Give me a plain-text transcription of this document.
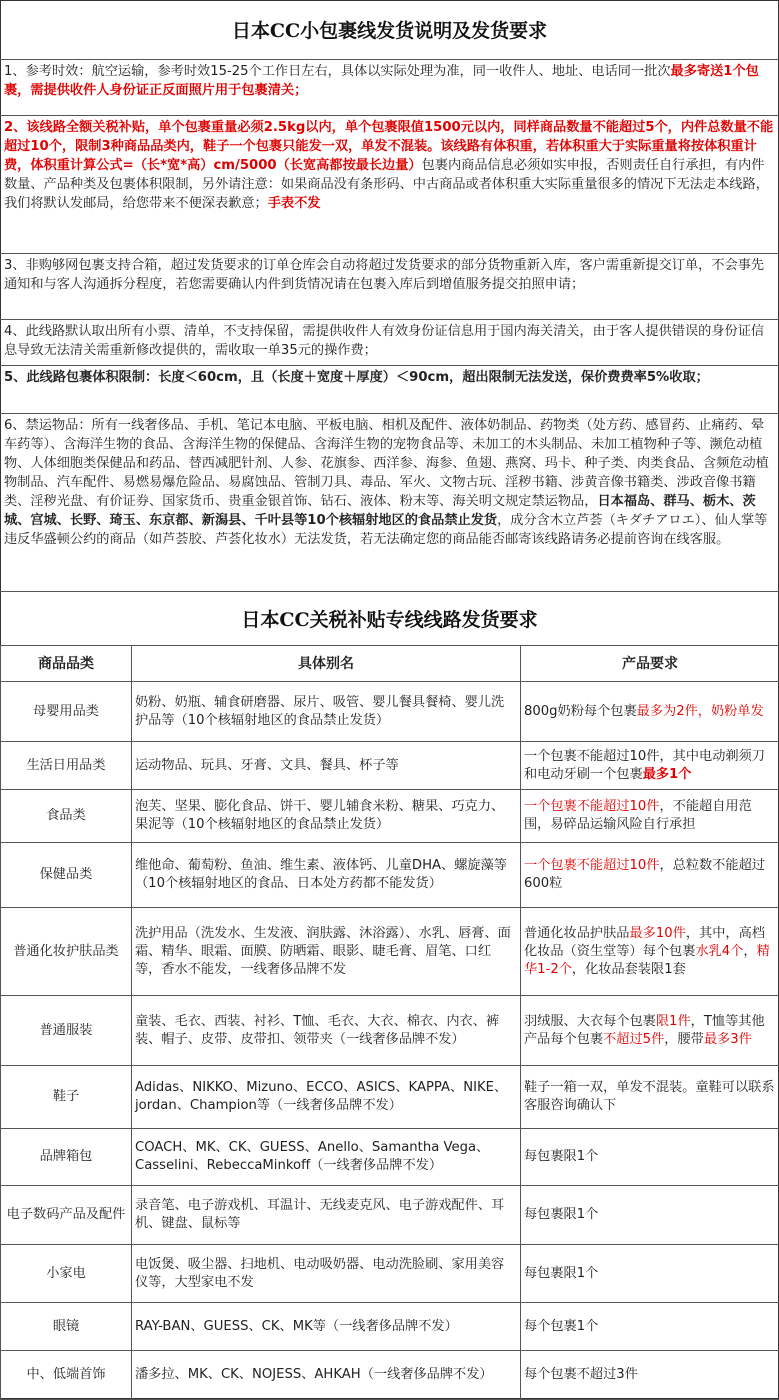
日本CC小包裹线发货说明及发货要求
1、参考时效：航空运输，参考时效15-25个工作日左右，具体以实际处理为准，同一收件人、地址、电话同一批次最多寄送1个包裹，需提供收件人身份证正反面照片用于包裹清关；
2、该线路全额关税补贴，单个包裹重量必须2.5kg以内，单个包裹限值1500元以内，同样商品数量不能超过5个，内件总数量不能超过10个，限制3种商品品类内，鞋子一个包裹只能发一双，单发不混装。该线路有体积重，若体积重大于实际重量将按体积重计费，体积重计算公式=（长*宽*高）cm/5000（长宽高都按最长边量）包裹内商品信息必须如实申报，否则责任自行承担，有内件数量、产品种类及包裹体积限制，另外请注意：如果商品没有条形码、中古商品或者体积重大实际重量很多的情况下无法走本线路，我们将默认发邮局，给您带来不便深表歉意；手表不发
3、非购够网包裹支持合箱，超过发货要求的订单仓库会自动将超过发货要求的部分货物重新入库，客户需重新提交订单，不会事先通知和与客人沟通拆分程度，若您需要确认内件到货情况请在包裹入库后到增值服务提交拍照申请；
4、此线路默认取出所有小票、清单，不支持保留，需提供收件人有效身份证信息用于国内海关清关，由于客人提供错误的身份证信息导致无法清关需重新修改提供的，需收取一单35元的操作费；
5、此线路包裹体积限制：长度＜60cm，且（长度＋宽度＋厚度）＜90cm，超出限制无法发送，保价费费率5%收取；
6、禁运物品：所有一线奢侈品、手机、笔记本电脑、平板电脑、相机及配件、液体奶制品、药物类（处方药、感冒药、止痛药、晕车药等）、含海洋生物的食品、含海洋生物的保健品、含海洋生物的宠物食品等、未加工的木头制品、未加工植物种子等、濒危动植物、人体细胞类保健品和药品、替西减肥针剂、人参、花旗参、西洋参、海参、鱼翅、燕窝、玛卡、种子类、肉类食品、含频危动植物制品、汽车配件、易燃易爆危险品、易腐蚀品、管制刀具、毒品、军火、文物古玩、淫秽书籍、涉黄音像书籍类、涉政音像书籍类、淫秽光盘、有价证券、国家货币、贵重金银首饰、钻石、液体、粉末等、海关明文规定禁运物品，日本福岛、群马、栃木、茨城、宫城、长野、琦玉、东京都、新潟县、千叶县等10个核辐射地区的食品禁止发货，成分含木立芦荟（キダチアロエ）、仙人掌等违反华盛顿公约的商品（如芦荟胶、芦荟化妆水）无法发货，若无法确定您的商品能否邮寄该线路请务必提前咨询在线客服。
日本CC关税补贴专线线路发货要求
商品品类	具体别名	产品要求
母婴用品类	奶粉、奶瓶、辅食研磨器、尿片、吸管、婴儿餐具餐椅、婴儿洗护品等（10个核辐射地区的食品禁止发货）	800g奶粉每个包裹最多为2件，奶粉单发
生活日用品类	运动物品、玩具、牙膏、文具、餐具、杯子等	一个包裹不能超过10件，其中电动剃须刀和电动牙刷一个包裹最多1个
食品类	泡芙、坚果、膨化食品、饼干、婴儿辅食米粉、糖果、巧克力、果泥等（10个核辐射地区的食品禁止发货）	一个包裹不能超过10件，不能超自用范围，易碎品运输风险自行承担
保健品类	维他命、葡萄粉、鱼油、维生素、液体钙、儿童DHA、螺旋藻等（10个核辐射地区的食品、日本处方药都不能发货）	一个包裹不能超过10件，总粒数不能超过600粒
普通化妆护肤品类	洗护用品（洗发水、生发液、润肤露、沐浴露）、水乳、唇膏、面霜、精华、眼霜、面膜、防晒霜、眼影、睫毛膏、眉笔、口红等，香水不能发，一线奢侈品牌不发	普通化妆品护肤品最多10件，其中，高档化妆品（资生堂等）每个包裹水乳4个，精华1-2个，化妆品套装限1套
普通服装	童装、毛衣、西装、衬衫、T恤、毛衣、大衣、棉衣、内衣、裤装、帽子、皮带、皮带扣、领带夹（一线奢侈品牌不发）	羽绒服、大衣每个包裹限1件，T恤等其他产品每个包裹不超过5件，腰带最多3件
鞋子	Adidas、NIKKO、Mizuno、ECCO、ASICS、KAPPA、NIKE、jordan、Champion等（一线奢侈品牌不发）	鞋子一箱一双，单发不混装。童鞋可以联系客服咨询确认下
品牌箱包	COACH、MK、CK、GUESS、Anello、Samantha Vega、Casselini、RebeccaMinkoff（一线奢侈品牌不发）	每包裹限1个
电子数码产品及配件	录音笔、电子游戏机、耳温计、无线麦克风、电子游戏配件、耳机、键盘、鼠标等	每包裹限1个
小家电	电饭煲、吸尘器、扫地机、电动吸奶器、电动洗脸刷、家用美容仪等，大型家电不发	每包裹限1个
眼镜	RAY-BAN、GUESS、CK、MK等（一线奢侈品牌不发）	每个包裹1个
中、低端首饰	潘多拉、MK、CK、NOJESS、AHKAH（一线奢侈品牌不发）	每个包裹不超过3件
